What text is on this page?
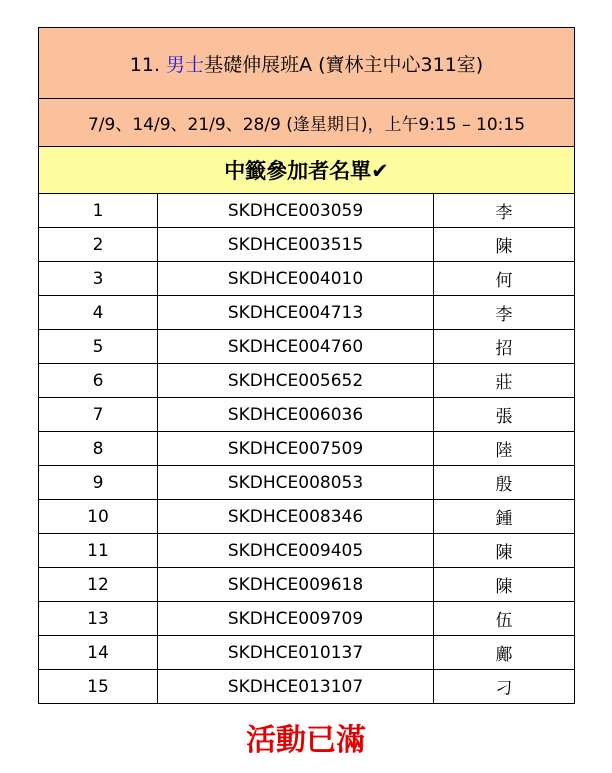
11. 男士基礎伸展班A (寶林主中心311室)		
7/9、14/9、21/9、28/9 (逢星期日)，上午9:15 – 10:15		
中籤參加者名單✔		
1	SKDHCE003059	李
2	SKDHCE003515	陳
3	SKDHCE004010	何
4	SKDHCE004713	李
5	SKDHCE004760	招
6	SKDHCE005652	莊
7	SKDHCE006036	張
8	SKDHCE007509	陸
9	SKDHCE008053	殷
10	SKDHCE008346	鍾
11	SKDHCE009405	陳
12	SKDHCE009618	陳
13	SKDHCE009709	伍
14	SKDHCE010137	鄺
15	SKDHCE013107	刁
活動已滿
